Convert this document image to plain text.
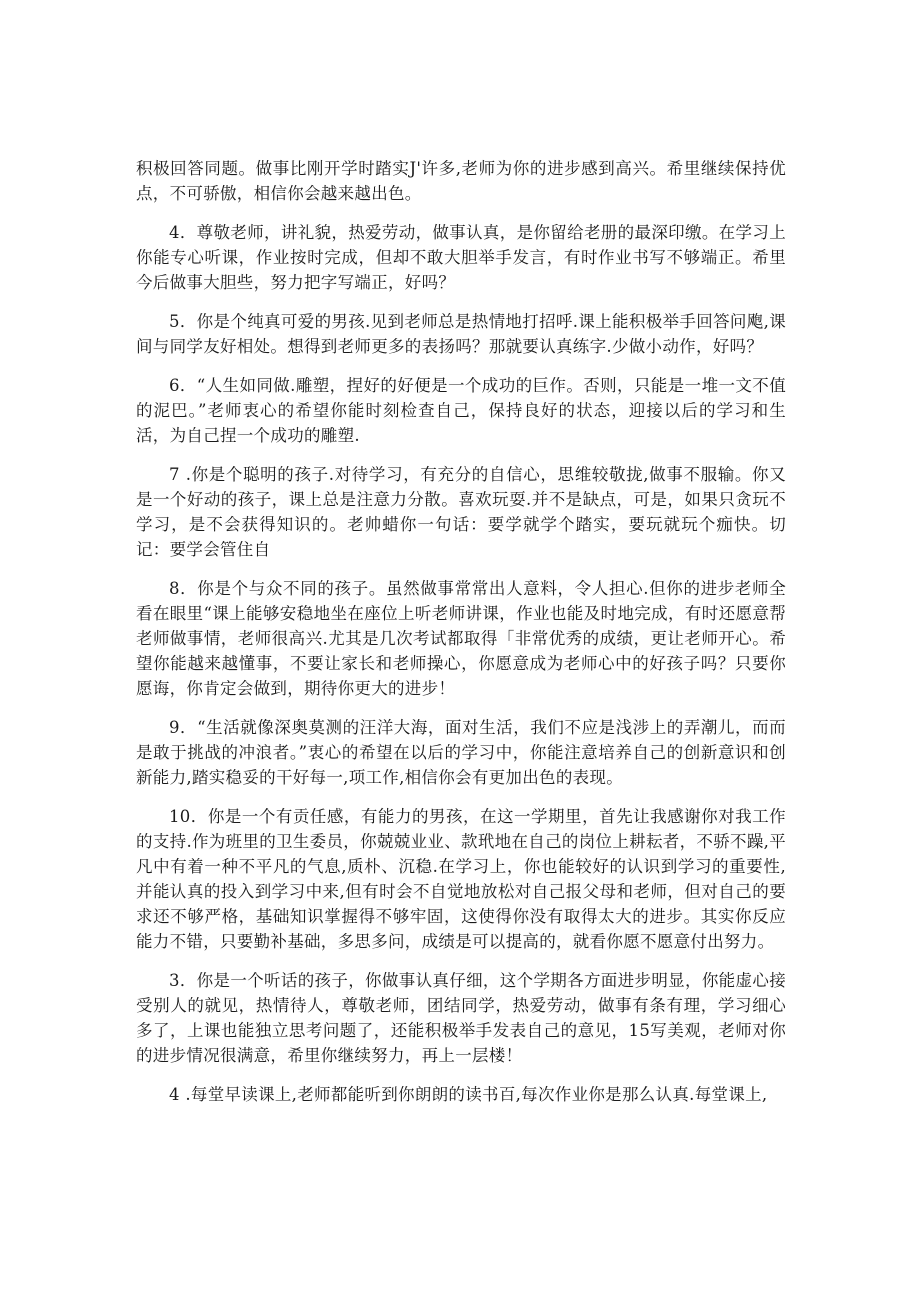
积极回答同题。做事比刚开学时踏实J'许多,老师为你的进步感到高兴。希里继续保持优点，不可骄傲，相信你会越来越出色。

4．尊敬老师，讲礼貌，热爱劳动，做事认真，是你留给老册的最深印缴。在学习上你能专心听课，作业按时完成，但却不敢大胆举手发言，有时作业书写不够端正。希里今后做事大胆些，努力把字写端正，好吗？

5．你是个纯真可爱的男孩.见到老师总是热情地打招呼.课上能积极举手回答问飑,课间与同学友好相处。想得到老师更多的表扬吗？那就要认真练字.少做小动作，好吗？

6．“人生如同做.雕塑，捏好的好便是一个成功的巨作。否则，只能是一堆一文不值的泥巴。”老师衷心的希望你能时刻检查自己，保持良好的状态，迎接以后的学习和生活，为自己捏一个成功的雕塑.

7 .你是个聪明的孩子.对待学习，有充分的自信心，思维较敬拢,做事不服输。你又是一个好动的孩子，课上总是注意力分散。喜欢玩耍.并不是缺点，可是，如果只贪玩不学习，是不会获得知识的。老帅蜡你一句话：要学就学个踏实，要玩就玩个痂快。切记：要学会管住自

8．你是个与众不同的孩子。虽然做事常常出人意料，令人担心.但你的进步老师全看在眼里“课上能够安稳地坐在座位上听老师讲课，作业也能及时地完成，有时还愿意帮老师做事情，老师很高兴.尤其是几次考试都取得「非常优秀的成绩，更让老师开心。希望你能越来越懂事，不要让家长和老师操心，你愿意成为老师心中的好孩子吗？只要你愿诲，你肯定会做到，期待你更大的进步！

9．“生活就像深奥莫测的汪洋大海，面对生活，我们不应是浅涉上的弄潮儿，而而是敢于挑战的冲浪者。”衷心的希望在以后的学习中，你能注意培养自己的创新意识和创新能力,踏实稳妥的干好每一,项工作,相信你会有更加出色的表现。

10．你是一个有贡任感，有能力的男孩，在这一学期里，首先让我感谢你对我工作的支持.作为班里的卫生委员，你兢兢业业、款玳地在自己的岗位上耕耘者，不骄不躁,平凡中有着一种不平凡的气息,质朴、沉稳.在学习上，你也能较好的认识到学习的重要性,并能认真的投入到学习中来,但有时会不自觉地放松对自己报父母和老师，但对自己的要求还不够严格，基础知识掌握得不够牢固，这使得你没有取得太大的进步。其实你反应能力不错，只要勤补基础，多思多问，成绩是可以提高的，就看你愿不愿意付出努力。

3．你是一个听话的孩子，你做事认真仔细，这个学期各方面进步明显，你能虚心接受别人的就见，热情待人，尊敬老师，团结同学，热爱劳动，做事有条有理，学习细心多了，上课也能独立思考问题了，还能积极举手发表自己的意见，15写美观，老师对你的进步情况很满意，希里你继续努力，再上一层楼！

4 .每堂早读课上,老师都能听到你朗朗的读书百,每次作业你是那么认真.每堂课上,
